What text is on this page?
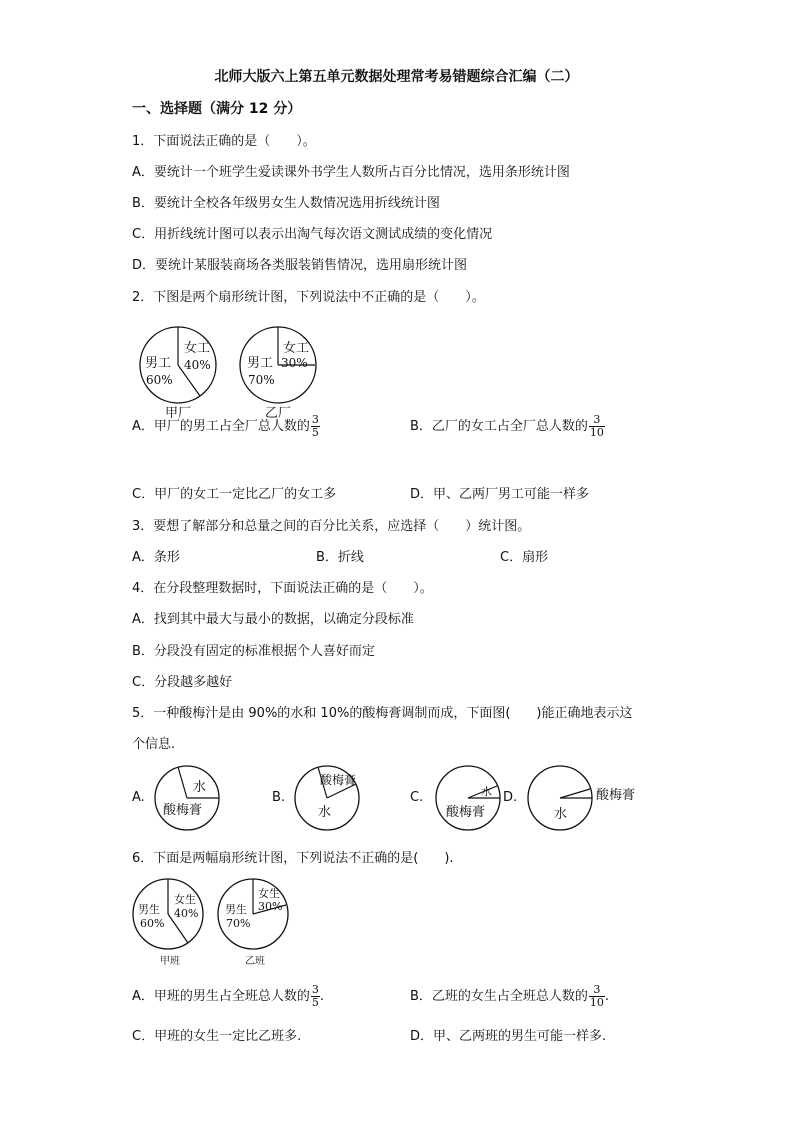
北师大版六上第五单元数据处理常考易错题综合汇编（二）
一、选择题（满分 12 分）
1．下面说法正确的是（　　）。
A．要统计一个班学生爱读课外书学生人数所占百分比情况，选用条形统计图
B．要统计全校各年级男女生人数情况选用折线统计图
C．用折线统计图可以表示出淘气每次语文测试成绩的变化情况
D．要统计某服装商场各类服装销售情况，选用扇形统计图
2．下图是两个扇形统计图，下列说法中不正确的是（　　）。
男工
60%
女工
40%
甲厂
男工
70%
女工
30%
乙厂
A．甲厂的男工占全厂总人数的 $\frac{3}{5}$	B．乙厂的女工占全厂总人数的 $\frac{3}{10}$
C．甲厂的女工一定比乙厂的女工多	D．甲、乙两厂男工可能一样多
3．要想了解部分和总量之间的百分比关系，应选择（　　）统计图。
A．条形	B．折线	C．扇形
4．在分段整理数据时，下面说法正确的是（　　）。
A．找到其中最大与最小的数据，以确定分段标准
B．分段没有固定的标准根据个人喜好而定
C．分段越多越好
5．一种酸梅汁是由 90%的水和 10%的酸梅膏调制而成，下面图(　　)能正确地表示这
个信息.
A.	B.	C.	D.
水
酸梅膏
酸梅膏
水
水
酸梅膏	水
酸梅膏
6．下面是两幅扇形统计图，下列说法不正确的是(　　).
男生
60%
女生
40%
甲班
男生
70%
女生
30%
乙班
A．甲班的男生占全班总人数的 $\frac{3}{5}$ .	B．乙班的女生占全班总人数的 $\frac{3}{10}$ .
C．甲班的女生一定比乙班多.	D．甲、乙两班的男生可能一样多.
